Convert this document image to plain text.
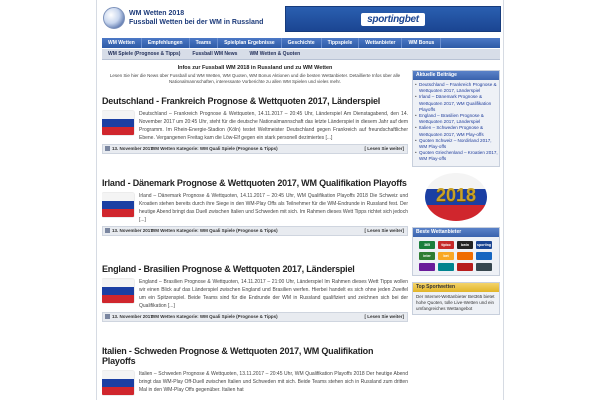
WM Wetten 2018
Fussball Wetten bei der WM in Russland	sportingbet
WM Wetten	Empfehlungen	Teams	Spielplan Ergebnisse	Geschichte	Tippspiele	Wettanbieter	WM Bonus
WM Spiele (Prognose & Tipps)	Fussball WM News	WM Wetten & Quoten
Infos zur Fussball WM 2018 in Russland und zu WM Wetten
Lesen Sie hier die News über Fussball und WM Wetten, WM Quoten, WM Bonus Aktionen und die besten Wettanbieter. Detaillierte Infos über alle Nationalmannschaften, interessante Vorberichte zu allen WM Spielen und vieles mehr.
Deutschland - Frankreich Prognose & Wettquoten 2017, Länderspiel
Deutschland – Frankreich Prognose & Wettquoten, 14.11.2017 – 20:45 Uhr, Länderspiel Am Dienstagabend, den 14. November 2017 um 20:45 Uhr, steht für die deutsche Nationalmannschaft das letzte Länderspiel in diesem Jahr auf dem Programm. Im Rhein-Energie-Stadion (Köln) testet Weltmeister Deutschland gegen Frankreich auf freundschaftlicher Ebene. Vergangenen Freitag kam die Löw-Elf gegen ein stark personell dezimiertes [...]
13. November 2017
WM Wetten Kategorie: WM Quali Spiele (Prognose & Tipps)	[ Lesen Sie weiter]
Irland - Dänemark Prognose & Wettquoten 2017, WM Qualifikation Playoffs
Irland – Dänemark Prognose & Wettquoten, 14.11.2017 – 20:45 Uhr, WM Qualifikation Playoffs 2018 Die Schweiz und Kroatien stehen bereits durch ihre Siege in den WM-Play Offs als Teilnehmer für die WM-Endrunde in Russland fest. Der heutige Abend bringt das Duell zwischen Italien und Schweden mit sich. Im Rahmen dieses Wett Tipps richtet sich jedoch [...]
13. November 2017
WM Wetten Kategorie: WM Quali Spiele (Prognose & Tipps)	[ Lesen Sie weiter]
England - Brasilien Prognose & Wettquoten 2017, Länderspiel
England – Brasilien Prognose & Wettquoten, 14.11.2017 – 21:00 Uhr, Länderspiel Im Rahmen dieses Wett Tipps wollen wir einen Blick auf das Länderspiel zwischen England und Brasilien werfen. Hierbei handelt es sich ohne jeden Zweifel um ein Spitzenspiel. Beide Teams sind für die Endrunde der WM in Russland qualifiziert und zeichnen sich bei der Qualifikation [...]
13. November 2017
WM Wetten Kategorie: WM Quali Spiele (Prognose & Tipps)	[ Lesen Sie weiter]
Italien - Schweden Prognose & Wettquoten 2017, WM Qualifikation Playoffs
Italien – Schweden Prognose & Wettquoten, 13.11.2017 – 20:45 Uhr, WM Qualifikation Playoffs 2018 Der heutige Abend bringt das WM-Play Off-Duell zwischen Italien und Schweden mit sich. Beide Teams stehen sich in Russland zum dritten Mal in den WM-Play Offs gegenüber. Italien hat
Aktuelle Beiträge
• Deutschland – Frankreich Prognose & Wettquoten 2017, Länderspiel
• Irland – Dänemark Prognose & Wettquoten 2017, WM Qualifikation Playoffs
• England – Brasilien Prognose & Wettquoten 2017, Länderspiel
• Italien – Schweden Prognose & Wettquoten 2017, WM Play-offs
• Quoten Schweiz – Nordirland 2017, WM Play-offs
• Quoten Griechenland – Kroatien 2017, WM Play-offs
2018
Beste Wettanbieter
365	tipico	bwin	sporting
inter	bet
Top Sportwetten
Der Internet-Wettanbieter Bet365 bietet hohe Quoten, tolle Live-Wetten und ein umfangreiches Wettangebot
